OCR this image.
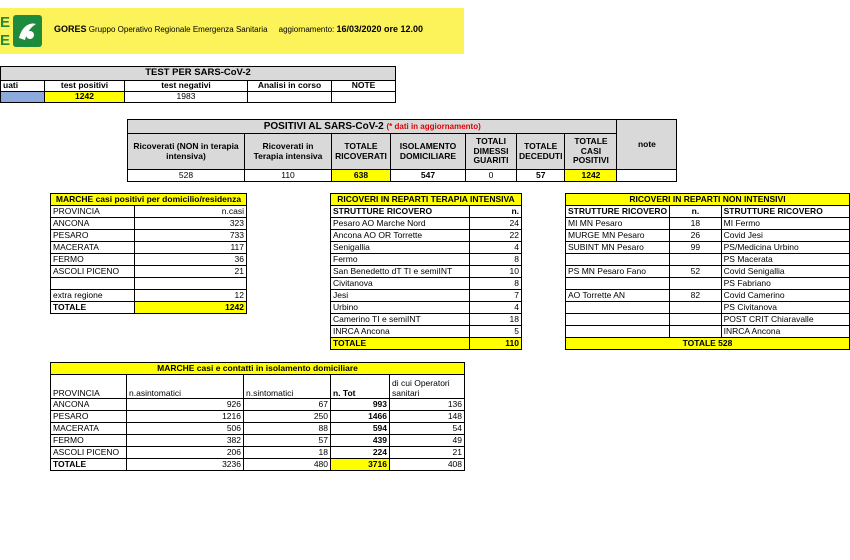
E
E
GORES Gruppo Operativo Regionale Emergenza Sanitaria aggiornamento: 16/03/2020 ore 12.00
TEST PER SARS-CoV-2				
uati	test positivi	test negativi	Analisi in corso	NOTE
	1242	1983		
POSITIVI AL SARS-CoV-2 (* dati in aggiornamento)							note
Ricoverati (NON in terapia intensiva)	Ricoverati in Terapia intensiva	TOTALE RICOVERATI	ISOLAMENTO DOMICILIARE	TOTALI DIMESSI GUARITI	TOTALE DECEDUTI	TOTALE CASI POSITIVI	
528	110	638	547	0	57	1242	
MARCHE casi positivi per domicilio/residenza	
PROVINCIA	n.casi
ANCONA	323
PESARO	733
MACERATA	117
FERMO	36
ASCOLI PICENO	21

extra regione	12
TOTALE	1242
RICOVERI IN REPARTI TERAPIA INTENSIVA	
STRUTTURE RICOVERO	n.
Pesaro AO Marche Nord	24
Ancona AO OR Torrette	22
Senigallia	4
Fermo	8
San Benedetto dT TI e semiINT	10
Civitanova	8
Jesi	7
Urbino	4
Camerino TI e semiINT	18
INRCA Ancona	5
TOTALE	110
RICOVERI IN REPARTI NON INTENSIVI		
STRUTTURE RICOVERO	n.	STRUTTURE RICOVERO
MI MN Pesaro	18	MI Fermo
MURGE MN Pesaro	26	Covid Jesi
SUBINT MN Pesaro	99	PS/Medicina Urbino
		PS Macerata
PS MN Pesaro Fano	52	Covid Senigallia
		PS Fabriano
AO Torrette AN	82	Covid Camerino
		PS Civitanova
		POST CRIT Chiaravalle
		INRCA Ancona
TOTALE 528		
MARCHE casi e contatti in isolamento domiciliare				
PROVINCIA	n.asintomatici	n.sintomatici	n. Tot	di cui Operatori sanitari
ANCONA	926	67	993	136
PESARO	1216	250	1466	148
MACERATA	506	88	594	54
FERMO	382	57	439	49
ASCOLI PICENO	206	18	224	21
TOTALE	3236	480	3716	408
